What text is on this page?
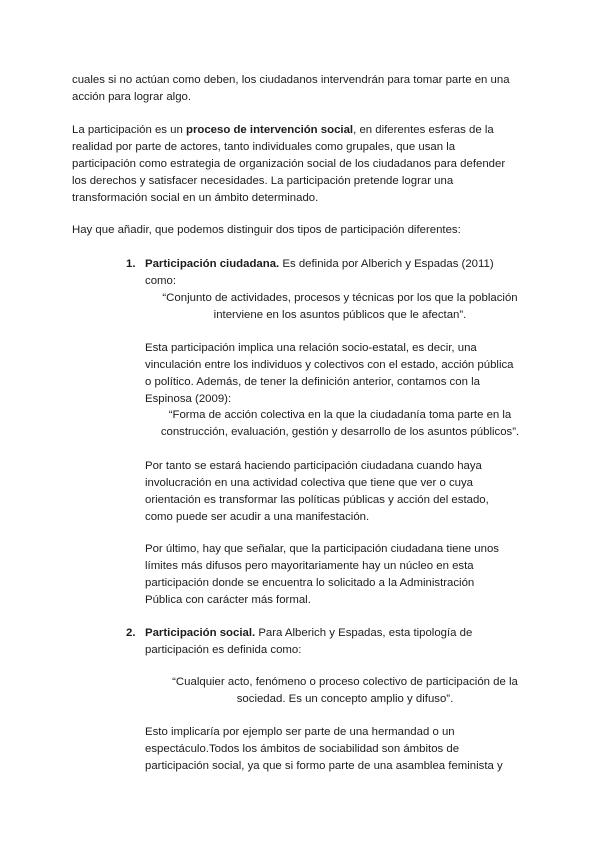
cuales si no actúan como deben, los ciudadanos intervendrán para tomar parte en una
acción para lograr algo.

La participación es un proceso de intervención social, en diferentes esferas de la
realidad por parte de actores, tanto individuales como grupales, que usan la
participación como estrategia de organización social de los ciudadanos para defender
los derechos y satisfacer necesidades. La participación pretende lograr una
transformación social en un ámbito determinado.

Hay que añadir, que podemos distinguir dos tipos de participación diferentes:

1. Participación ciudadana. Es definida por Alberich y Espadas (2011)
como:

“Conjunto de actividades, procesos y técnicas por los que la población
interviene en los asuntos públicos que le afectan”.

Esta participación implica una relación socio-estatal, es decir, una
vinculación entre los individuos y colectivos con el estado, acción pública
o político. Además, de tener la definición anterior, contamos con la
Espinosa (2009):

“Forma de acción colectiva en la que la ciudadanía toma parte en la
construcción, evaluación, gestión y desarrollo de los asuntos públicos”.

Por tanto se estará haciendo participación ciudadana cuando haya
involucración en una actividad colectiva que tiene que ver o cuya
orientación es transformar las políticas públicas y acción del estado,
como puede ser acudir a una manifestación.

Por último, hay que señalar, que la participación ciudadana tiene unos
límites más difusos pero mayoritariamente hay un núcleo en esta
participación donde se encuentra lo solicitado a la Administración
Pública con carácter más formal.

2. Participación social. Para Alberich y Espadas, esta tipología de
participación es definida como:

“Cualquier acto, fenómeno o proceso colectivo de participación de la
sociedad. Es un concepto amplio y difuso”.

Esto implicaría por ejemplo ser parte de una hermandad o un
espectáculo.Todos los ámbitos de sociabilidad son ámbitos de
participación social, ya que si formo parte de una asamblea feminista y
